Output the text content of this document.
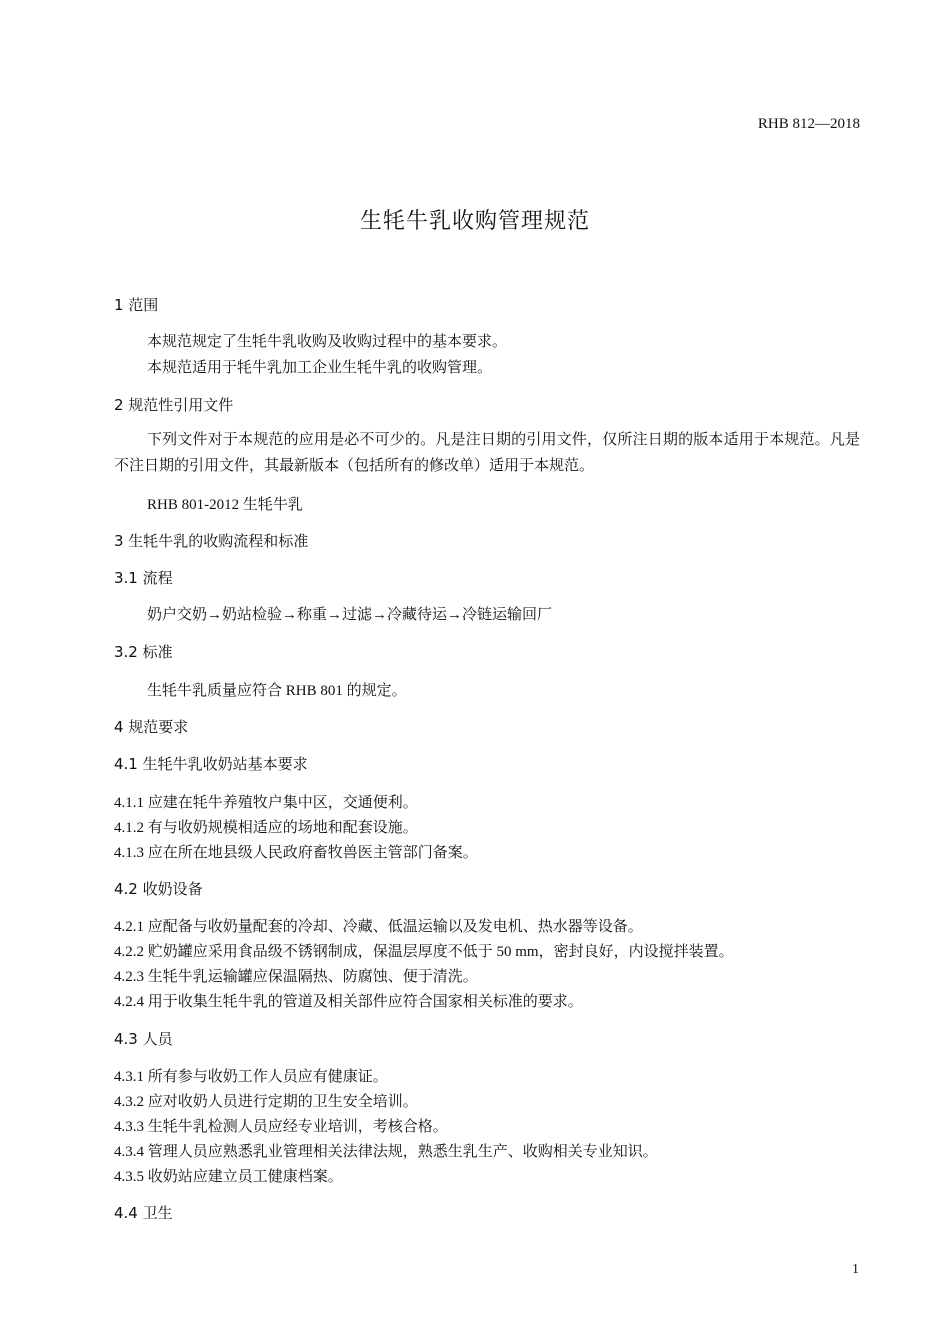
RHB 812—2018
生牦牛乳收购管理规范
1 范围
本规范规定了生牦牛乳收购及收购过程中的基本要求。
本规范适用于牦牛乳加工企业生牦牛乳的收购管理。
2 规范性引用文件
下列文件对于本规范的应用是必不可少的。凡是注日期的引用文件，仅所注日期的版本适用于本规范。凡是不注日期的引用文件，其最新版本（包括所有的修改单）适用于本规范。
RHB 801-2012 生牦牛乳
3 生牦牛乳的收购流程和标准
3.1 流程
奶户交奶→奶站检验→称重→过滤→冷藏待运→冷链运输回厂
3.2 标准
生牦牛乳质量应符合 RHB 801 的规定。
4 规范要求
4.1 生牦牛乳收奶站基本要求
4.1.1 应建在牦牛养殖牧户集中区，交通便利。
4.1.2 有与收奶规模相适应的场地和配套设施。
4.1.3 应在所在地县级人民政府畜牧兽医主管部门备案。
4.2 收奶设备
4.2.1 应配备与收奶量配套的冷却、冷藏、低温运输以及发电机、热水器等设备。
4.2.2 贮奶罐应采用食品级不锈钢制成，保温层厚度不低于 50 mm，密封良好，内设搅拌装置。
4.2.3 生牦牛乳运输罐应保温隔热、防腐蚀、便于清洗。
4.2.4 用于收集生牦牛乳的管道及相关部件应符合国家相关标准的要求。
4.3 人员
4.3.1 所有参与收奶工作人员应有健康证。
4.3.2 应对收奶人员进行定期的卫生安全培训。
4.3.3 生牦牛乳检测人员应经专业培训，考核合格。
4.3.4 管理人员应熟悉乳业管理相关法律法规，熟悉生乳生产、收购相关专业知识。
4.3.5 收奶站应建立员工健康档案。
4.4 卫生
1
